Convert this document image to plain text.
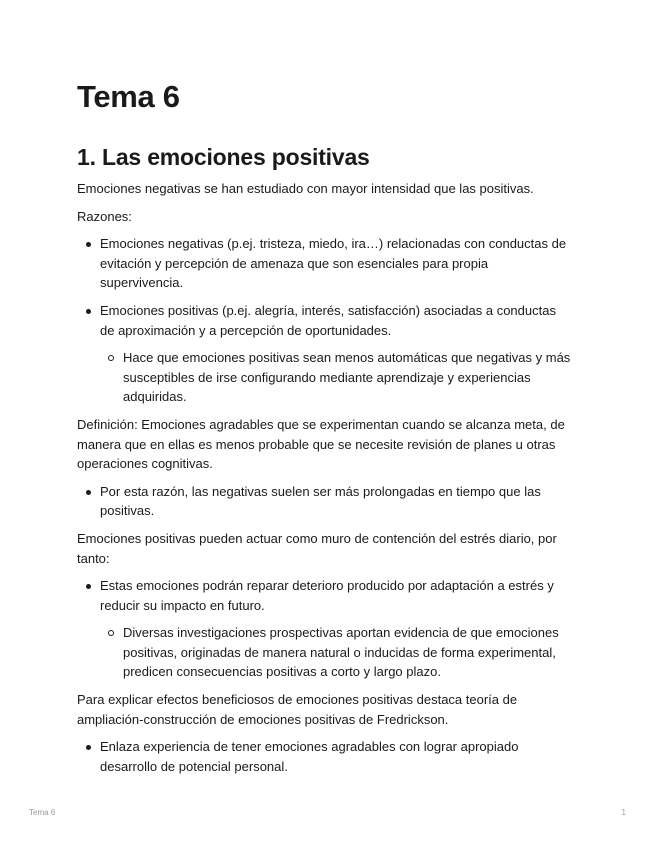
Tema 6
1. Las emociones positivas

Emociones negativas se han estudiado con mayor intensidad que las positivas.

Razones:

Emociones negativas (p.ej. tristeza, miedo, ira…) relacionadas con conductas de evitación y percepción de amenaza que son esenciales para propia supervivencia.
Emociones positivas (p.ej. alegría, interés, satisfacción) asociadas a conductas de aproximación y a percepción de oportunidades.
Hace que emociones positivas sean menos automáticas que negativas y más susceptibles de irse configurando mediante aprendizaje y experiencias adquiridas.

Definición: Emociones agradables que se experimentan cuando se alcanza meta, de manera que en ellas es menos probable que se necesite revisión de planes u otras operaciones cognitivas.

Por esta razón, las negativas suelen ser más prolongadas en tiempo que las positivas.

Emociones positivas pueden actuar como muro de contención del estrés diario, por tanto:

Estas emociones podrán reparar deterioro producido por adaptación a estrés y reducir su impacto en futuro.
Diversas investigaciones prospectivas aportan evidencia de que emociones positivas, originadas de manera natural o inducidas de forma experimental, predicen consecuencias positivas a corto y largo plazo.

Para explicar efectos beneficiosos de emociones positivas destaca teoría de ampliación-construcción de emociones positivas de Fredrickson.

Enlaza experiencia de tener emociones agradables con lograr apropiado desarrollo de potencial personal.
Tema 6	1
